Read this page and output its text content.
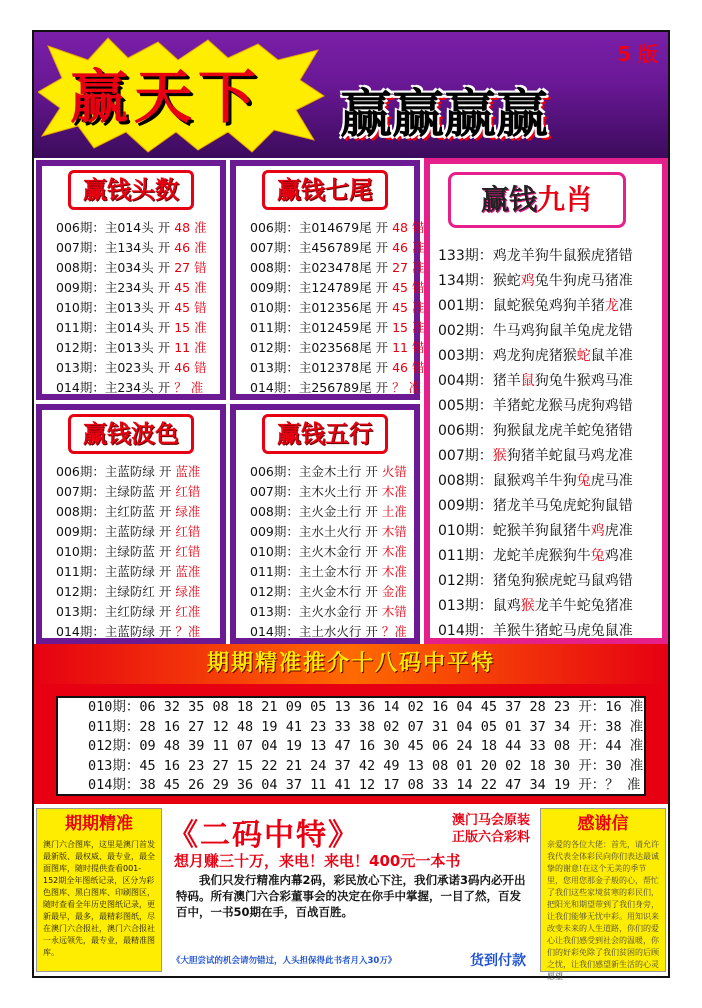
赢天下 赢赢赢赢
5 版
赢钱头数
006期：主014头 开 48 准
007期：主134头 开 46 准
008期：主034头 开 27 错
009期：主234头 开 45 准
010期：主013头 开 45 错
011期：主014头 开 15 准
012期：主013头 开 11 准
013期：主023头 开 46 错
014期：主234头 开 ？ 准
赢钱七尾
006期：主014679尾 开 48 错
007期：主456789尾 开 46 准
008期：主023478尾 开 27 准
009期：主124789尾 开 45 错
010期：主012356尾 开 45 准
011期：主012459尾 开 15 准
012期：主023568尾 开 11 错
013期：主012378尾 开 46 错
014期：主256789尾 开 ？ 准
赢钱波色
006期：主蓝防绿 开 蓝准
007期：主绿防蓝 开 红错
008期：主红防蓝 开 绿准
009期：主蓝防绿 开 红错
010期：主绿防蓝 开 红错
011期：主蓝防绿 开 蓝准
012期：主绿防红 开 绿准
013期：主红防绿 开 红准
014期：主蓝防绿 开 ？准
赢钱五行
006期：主金木土行 开 火错
007期：主木火土行 开 木准
008期：主火金土行 开 土准
009期：主水土火行 开 木错
010期：主火木金行 开 木准
011期：主土金木行 开 木准
012期：主火金木行 开 金准
013期：主火水金行 开 木错
014期：主土水火行 开 ？准
赢钱九肖
133期：鸡龙羊狗牛鼠猴虎猪错
134期：猴蛇鸡兔牛狗虎马猪准
001期：鼠蛇猴兔鸡狗羊猪龙准
002期：牛马鸡狗鼠羊兔虎龙错
003期：鸡龙狗虎猪猴蛇鼠羊准
004期：猪羊鼠狗兔牛猴鸡马准
005期：羊猪蛇龙猴马虎狗鸡错
006期：狗猴鼠龙虎羊蛇兔猪错
007期：猴狗猪羊蛇鼠马鸡龙准
008期：鼠猴鸡羊牛狗兔虎马准
009期：猪龙羊马兔虎蛇狗鼠错
010期：蛇猴羊狗鼠猪牛鸡虎准
011期：龙蛇羊虎猴狗牛兔鸡准
012期：猪兔狗猴虎蛇马鼠鸡错
013期：鼠鸡猴龙羊牛蛇兔猪准
014期：羊猴牛猪蛇马虎兔鼠准
期期精准推介十八码中平特
010期：06 32 35 08 18 21 09 05 13 36 14 02 16 04 45 37 28 23 开：16 准
011期：28 16 27 12 48 19 41 23 33 38 02 07 31 04 05 01 37 34 开：38 准
012期：09 48 39 11 07 04 19 13 47 16 30 45 06 24 18 44 33 08 开：44 准
013期：45 16 23 27 15 22 21 24 37 42 49 13 08 01 20 02 18 30 开：30 准
014期：38 45 26 29 36 04 37 11 41 12 17 08 33 14 22 47 34 19 开：？ 准
期期精准
澳门六合图库，这里是澳门首发最新版、最权威、最专业，最全面图库，随时提供查看001-152期全年图纸记录，区分为彩色图库、黑白图库、印刷图区，随时查看全年历史图纸记录，更新最早，最多，最精彩图纸，尽在澳门六合报社，澳门六合报社一永远领先，最专业，最精准图库。
《二码中特》	澳门马会原装
正版六合彩料
想月赚三十万，来电！来电！400元一本书
我们只发行精准内幕2码，彩民放心下注，我们承诺3码内必开出特码。所有澳门六合彩董事会的决定在你手中掌握，一目了然，百发百中，一书50期在手，百战百胜。
《大胆尝试的机会请勿错过，人头担保得此书者月入30万》	货到付款
感谢信
亲爱的各位大佬：首先，请允许我代表全体彩民向你们表达最诚挚的谢意!在这个无美的季节里，您用您那金子般的心，帮忙了我们这些家境贫寒的彩民们，把阳光和期望带到了我们身旁，让我们能够无忧中彩。用知识来改变未来的人生道路，你们的爱心让我们感受到社会的温暖，你们的好彩免除了我们贫困的后顾之忧，让我们感望新生活的心灵愿望
